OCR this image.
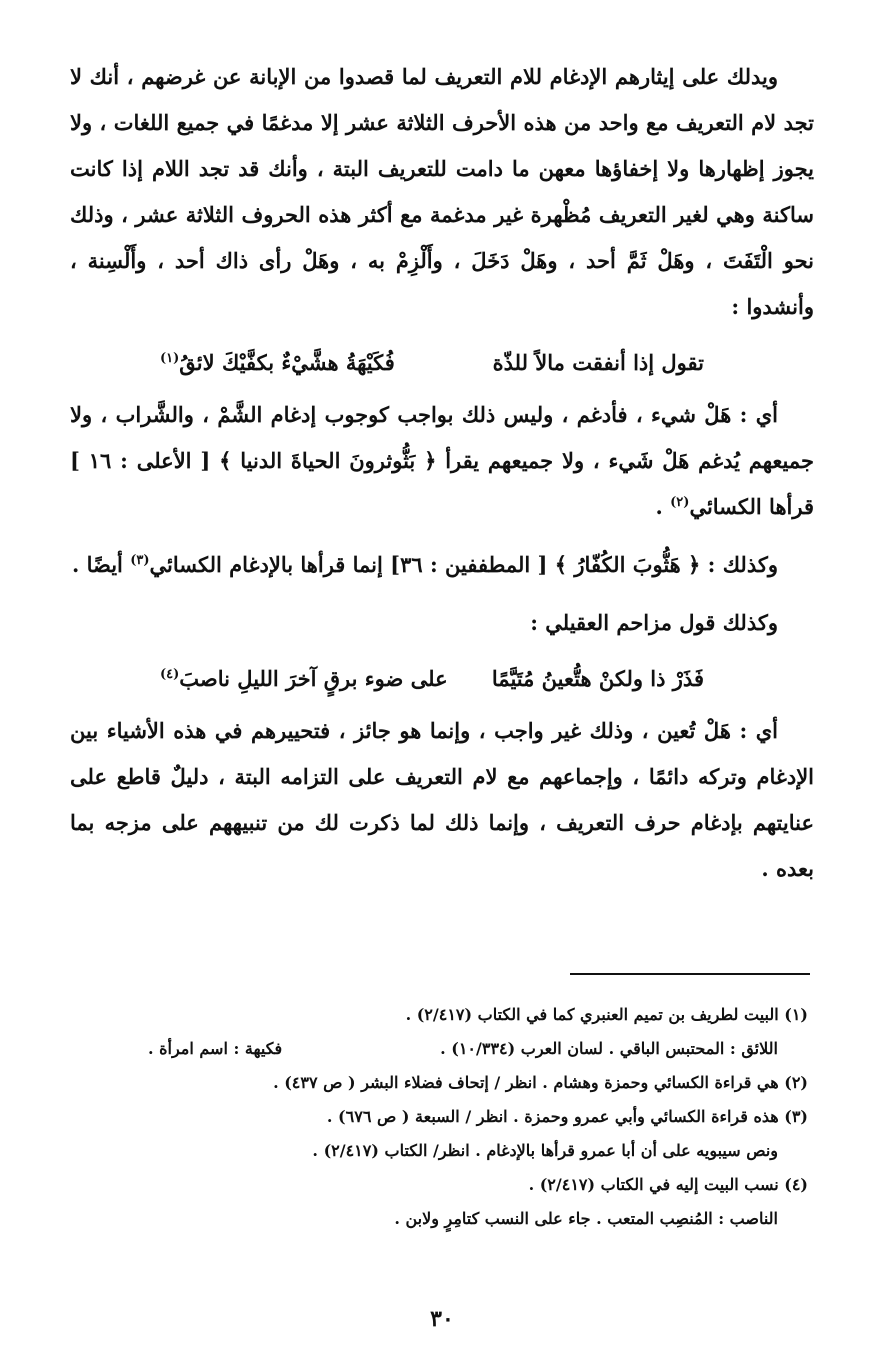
ويدلك على إيثارهم الإدغام للام التعريف لما قصدوا من الإبانة عن غرضهم ، أنك لا تجد لام التعريف مع واحد من هذه الأحرف الثلاثة عشر إلا مدغمًا في جميع اللغات ، ولا يجوز إظهارها ولا إخفاؤها معهن ما دامت للتعريف البتة ، وأنك قد تجد اللام إذا كانت ساكنة وهي لغير التعريف مُظْهرة غير مدغمة مع أكثر هذه الحروف الثلاثة عشر ، وذلك نحو الْتَفَتَ ، وهَلْ ثَمَّ أحد ، وهَلْ دَخَلَ ، وأَلْزِمْ به ، وهَلْ رأى ذاك أحد ، وأَلْسِنة ، وأنشدوا :

تقول إذا أنفقت مالاً للذّة
فُكَيْهَةُ هشَّيْءٌ بكفَّيْكَ لائقُ$^{(١)}$

أي : هَلْ شيء ، فأدغم ، وليس ذلك بواجب كوجوب إدغام الشَّمْ ، والشَّراب ، ولا جميعهم يُدغم هَلْ شَيء ، ولا جميعهم يقرأ ﴿ بَثُّوثرونَ الحياةَ الدنيا ﴾ [ الأعلى : ١٦ ] قرأها الكسائي$^{(٢)}$ .

وكذلك : ﴿ هَثُّوبَ الكُفّارُ ﴾ [ المطففين : ٣٦] إنما قرأها بالإدغام الكسائي$^{(٣)}$ أيضًا .

وكذلك قول مزاحم العقيلي :

فَذَرْ ذا ولكنْ هتُّعينُ مُتَيَّمًا
على ضوء برقٍ آخرَ الليلِ ناصبَ$^{(٤)}$

أي : هَلْ تُعين ، وذلك غير واجب ، وإنما هو جائز ، فتحييرهم في هذه الأشياء بين الإدغام وتركه دائمًا ، وإجماعهم مع لام التعريف على التزامه البتة ، دليلٌ قاطع على عنايتهم بإدغام حرف التعريف ، وإنما ذلك لما ذكرت لك من تنبيههم على مزجه بما بعده .

(١) البيت لطريف بن تميم العنبري كما في الكتاب (٢/٤١٧) .

اللائق : المحتبس الباقي . لسان العرب (١٠/٣٣٤) .
فكيهة : اسم امرأة .

(٢) هي قراءة الكسائي وحمزة وهشام . انظر / إتحاف فضلاء البشر ( ص ٤٣٧) .

(٣) هذه قراءة الكسائي وأبي عمرو وحمزة . انظر / السبعة ( ص ٦٧٦) .

ونص سيبويه على أن أبا عمرو قرأها بالإدغام . انظر/ الكتاب (٢/٤١٧) .

(٤) نسب البيت إليه في الكتاب (٢/٤١٧) .

الناصب : المُنصِب المتعب . جاء على النسب كتامِرٍ ولابن .

٣٠
